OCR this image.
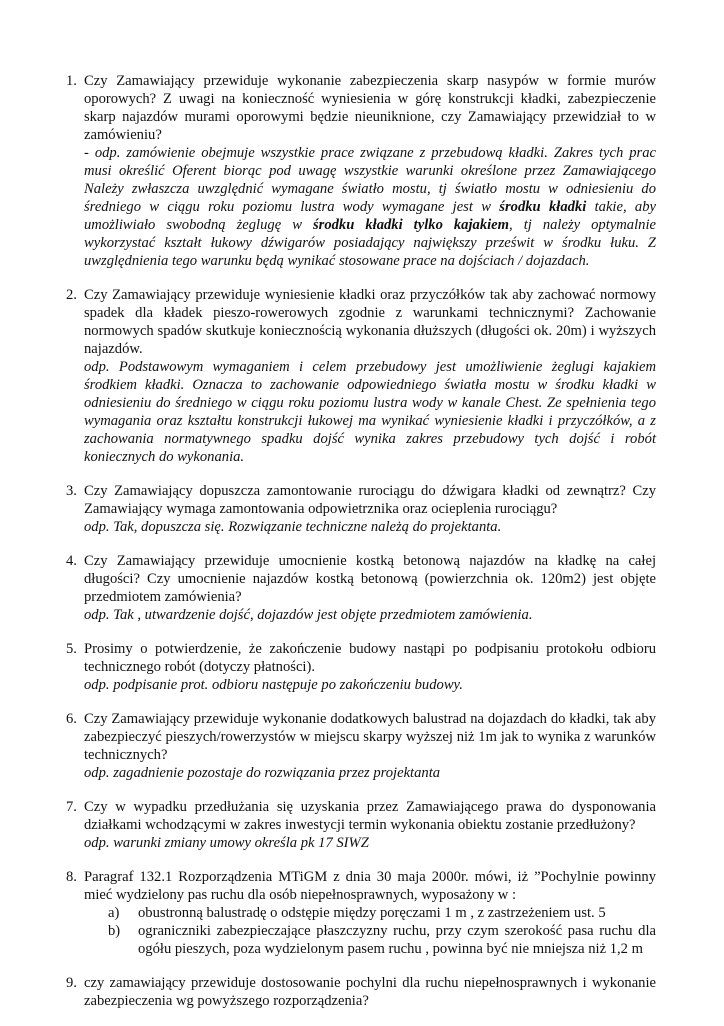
1. Czy Zamawiający przewiduje wykonanie zabezpieczenia skarp nasypów w formie murów oporowych? Z uwagi na konieczność wyniesienia w górę konstrukcji kładki, zabezpieczenie skarp najazdów murami oporowymi będzie nieuniknione, czy Zamawiający przewidział to w zamówieniu?
- odp. zamówienie obejmuje wszystkie prace związane z przebudową kładki. Zakres tych prac musi określić Oferent biorąc pod uwagę wszystkie warunki określone przez Zamawiającego Należy zwłaszcza uwzględnić wymagane światło mostu, tj światło mostu w odniesieniu do średniego w ciągu roku poziomu lustra wody wymagane jest w środku kładki takie, aby umożliwiało swobodną żeglugę w środku kładki tylko kajakiem, tj należy optymalnie wykorzystać kształt łukowy dźwigarów posiadający największy prześwit w środku łuku. Z uwzględnienia tego warunku będą wynikać stosowane prace na dojściach / dojazdach.
2. Czy Zamawiający przewiduje wyniesienie kładki oraz przyczółków tak aby zachować normowy spadek dla kładek pieszo-rowerowych zgodnie z warunkami technicznymi? Zachowanie normowych spadów skutkuje koniecznością wykonania dłuższych (długości ok. 20m) i wyższych najazdów.
odp. Podstawowym wymaganiem i celem przebudowy jest umożliwienie żeglugi kajakiem środkiem kładki. Oznacza to zachowanie odpowiedniego światła mostu w środku kładki w odniesieniu do średniego w ciągu roku poziomu lustra wody w kanale Chest. Ze spełnienia tego wymagania oraz kształtu konstrukcji łukowej ma wynikać wyniesienie kładki i przyczółków, a z zachowania normatywnego spadku dojść wynika zakres przebudowy tych dojść i robót koniecznych do wykonania.
3. Czy Zamawiający dopuszcza zamontowanie rurociągu do dźwigara kładki od zewnątrz? Czy Zamawiający wymaga zamontowania odpowietrznika oraz ocieplenia rurociągu?
odp. Tak, dopuszcza się. Rozwiązanie techniczne należą do projektanta.
4. Czy Zamawiający przewiduje umocnienie kostką betonową najazdów na kładkę na całej długości? Czy umocnienie najazdów kostką betonową (powierzchnia ok. 120m2) jest objęte przedmiotem zamówienia?
odp. Tak , utwardzenie dojść, dojazdów jest objęte przedmiotem zamówienia.
5. Prosimy o potwierdzenie, że zakończenie budowy nastąpi po podpisaniu protokołu odbioru technicznego robót (dotyczy płatności).
odp. podpisanie prot. odbioru następuje po zakończeniu budowy.
6. Czy Zamawiający przewiduje wykonanie dodatkowych balustrad na dojazdach do kładki, tak aby zabezpieczyć pieszych/rowerzystów w miejscu skarpy wyższej niż 1m jak to wynika z warunków technicznych?
odp. zagadnienie pozostaje do rozwiązania przez projektanta
7. Czy w wypadku przedłużania się uzyskania przez Zamawiającego prawa do dysponowania działkami wchodzącymi w zakres inwestycji termin wykonania obiektu zostanie przedłużony?
odp. warunki zmiany umowy określa pk 17 SIWZ
8. Paragraf 132.1 Rozporządzenia MTiGM z dnia 30 maja 2000r. mówi, iż ”Pochylnie powinny mieć wydzielony pas ruchu dla osób niepełnosprawnych, wyposażony w :
a) obustronną balustradę o odstępie między poręczami 1 m , z zastrzeżeniem ust. 5
b) ograniczniki zabezpieczające płaszczyzny ruchu, przy czym szerokość pasa ruchu dla ogółu pieszych, poza wydzielonym pasem ruchu , powinna być nie mniejsza niż 1,2 m
9. czy zamawiający przewiduje dostosowanie pochylni dla ruchu niepełnosprawnych i wykonanie zabezpieczenia wg powyższego rozporządzenia?
